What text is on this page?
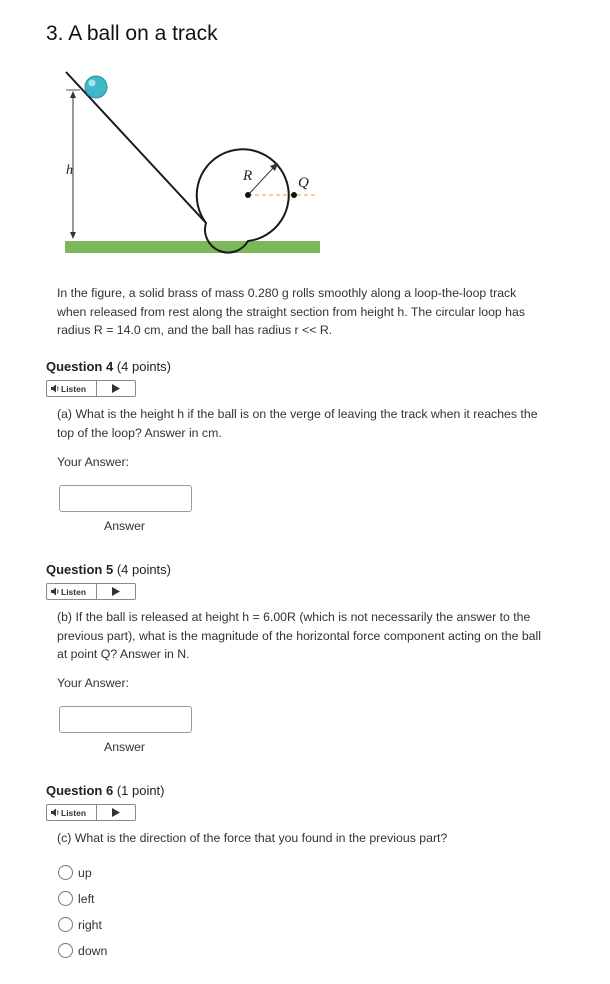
3. A ball on a track
h	R	Q
In the figure, a solid brass of mass 0.280 g rolls smoothly along a loop-the-loop track when released from rest along the straight section from height h. The circular loop has radius R = 14.0 cm, and the ball has radius r << R.
Question 4 (4 points)
Listen
(a) What is the height h if the ball is on the verge of leaving the track when it reaches the top of the loop? Answer in cm.
Your Answer:
Answer
Question 5 (4 points)
Listen
(b) If the ball is released at height h = 6.00R (which is not necessarily the answer to the previous part), what is the magnitude of the horizontal force component acting on the ball at point Q? Answer in N.
Your Answer:
Answer
Question 6 (1 point)
Listen
(c) What is the direction of the force that you found in the previous part?
up
left
right
down
